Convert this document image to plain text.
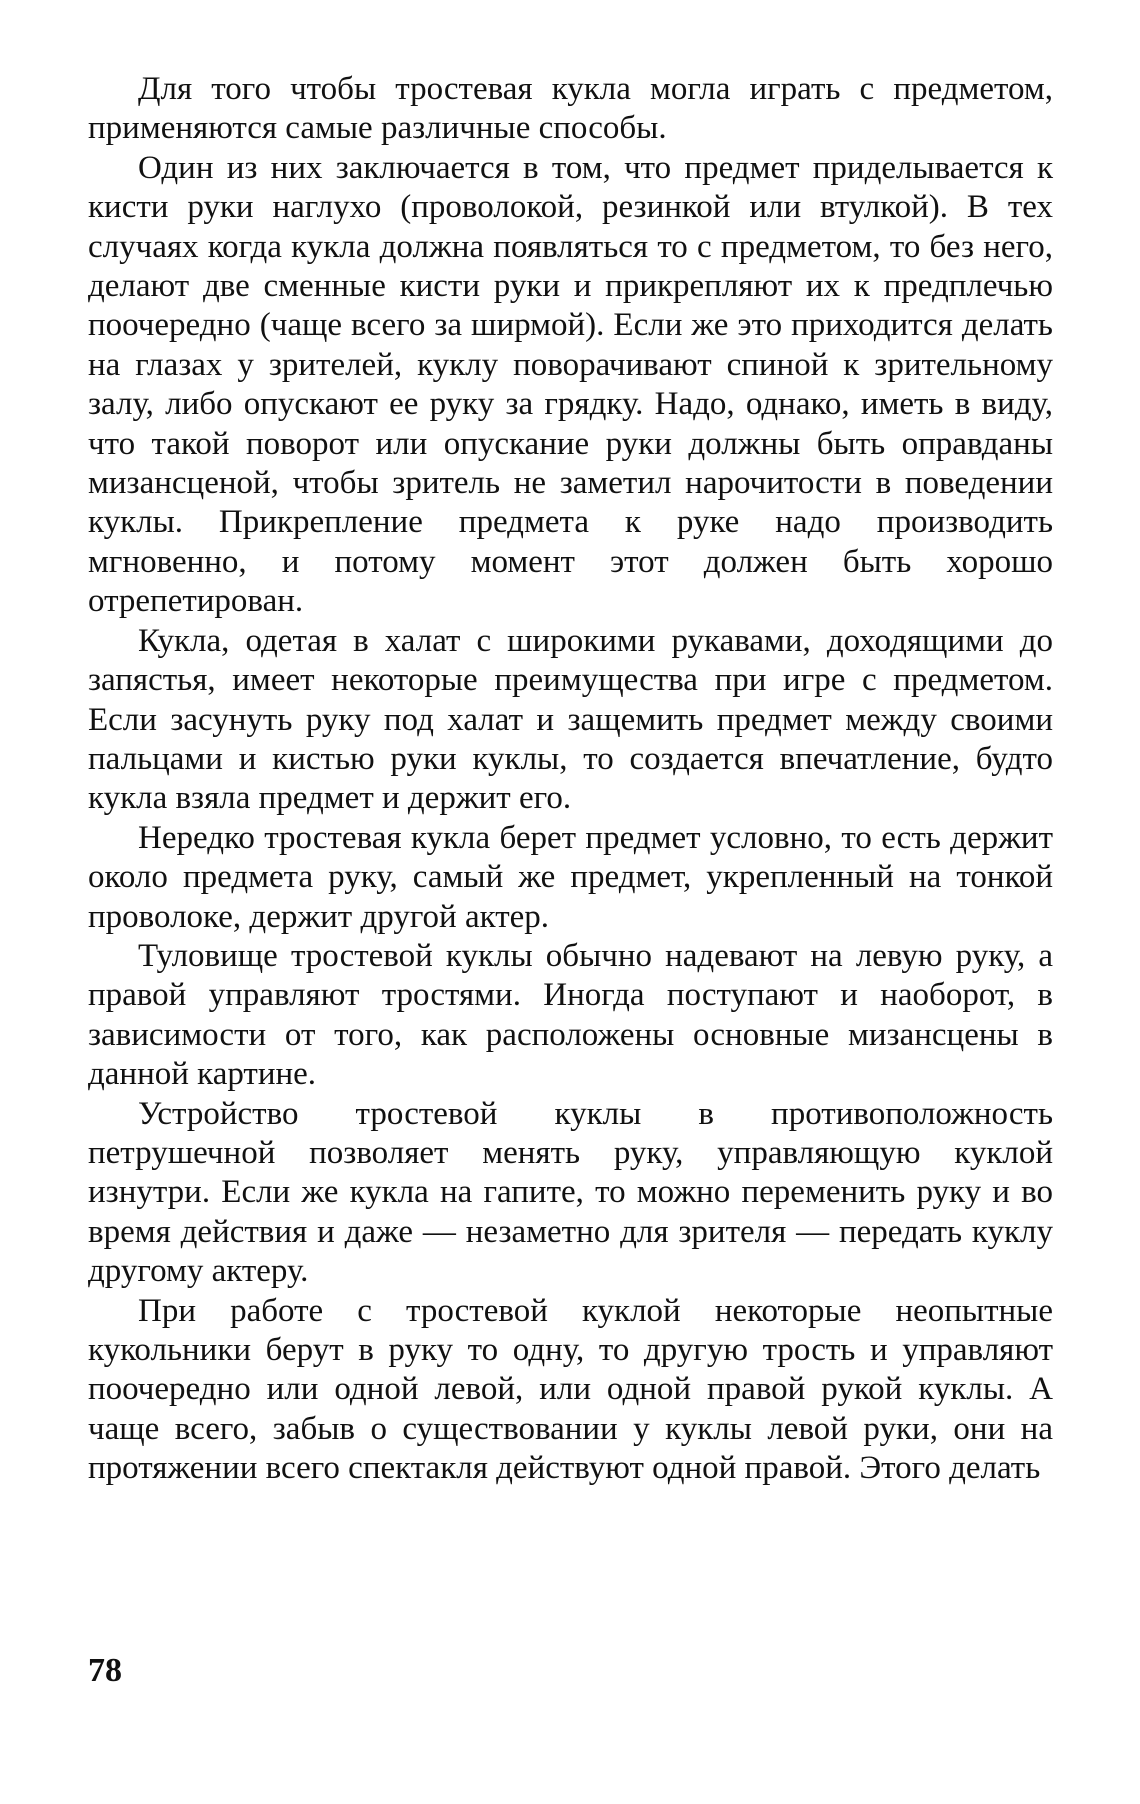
Для того чтобы тростевая кукла могла играть с предметом, применяются самые различные способы.

Один из них заключается в том, что предмет приделывается к кисти руки наглухо (проволокой, резинкой или втулкой). В тех случаях когда кукла должна появляться то с предметом, то без него, делают две сменные кисти руки и прикрепляют их к предплечью поочередно (чаще всего за ширмой). Если же это приходится делать на глазах у зрителей, куклу поворачивают спиной к зрительному залу, либо опускают ее руку за грядку. Надо, однако, иметь в виду, что такой поворот или опускание руки должны быть оправданы мизансценой, чтобы зритель не заметил нарочитости в поведении куклы. Прикрепление предмета к руке надо производить мгновенно, и потому момент этот должен быть хорошо отрепетирован.

Кукла, одетая в халат с широкими рукавами, доходящими до запястья, имеет некоторые преимущества при игре с предметом. Если засунуть руку под халат и защемить предмет между своими пальцами и кистью руки куклы, то создается впечатление, будто кукла взяла предмет и держит его.

Нередко тростевая кукла берет предмет условно, то есть держит около предмета руку, самый же предмет, укрепленный на тонкой проволоке, держит другой актер.

Туловище тростевой куклы обычно надевают на левую руку, а правой управляют тростями. Иногда поступают и наоборот, в зависимости от того, как расположены основные мизансцены в данной картине.

Устройство тростевой куклы в противоположность петрушечной позволяет менять руку, управляющую куклой изнутри. Если же кукла на гапите, то можно переменить руку и во время действия и даже — незаметно для зрителя — передать куклу другому актеру.

При работе с тростевой куклой некоторые неопытные кукольники берут в руку то одну, то другую трость и управляют поочередно или одной левой, или одной правой рукой куклы. А чаще всего, забыв о существовании у куклы левой руки, они на протяжении всего спектакля действуют одной правой. Этого делать

78
